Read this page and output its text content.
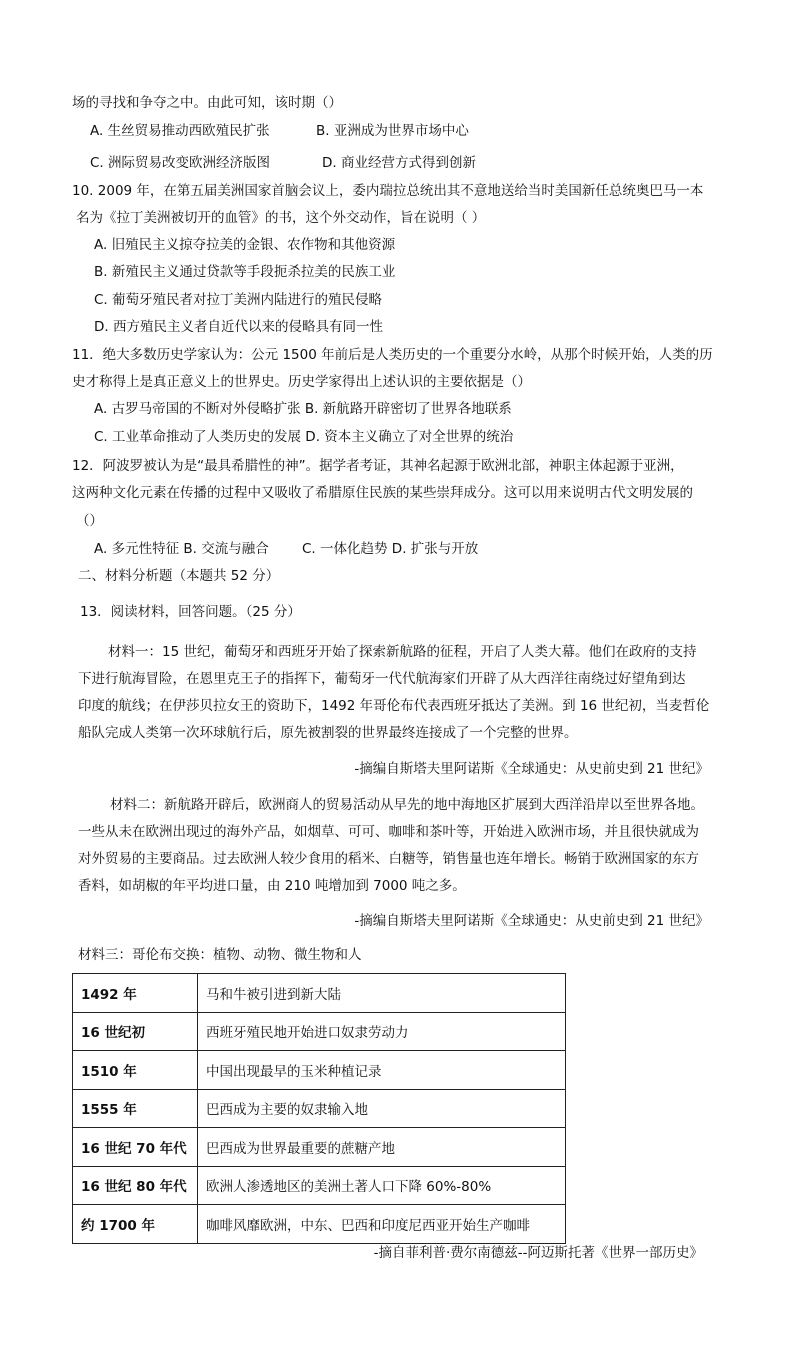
场的寻找和争夺之中。由此可知，该时期（）
A. 生丝贸易推动西欧殖民扩张	B. 亚洲成为世界市场中心
C. 洲际贸易改变欧洲经济版图	D. 商业经营方式得到创新
10. 2009 年，在第五届美洲国家首脑会议上，委内瑞拉总统出其不意地送给当时美国新任总统奥巴马一本
名为《拉丁美洲被切开的血管》的书，这个外交动作，旨在说明（ ）
A. 旧殖民主义掠夺拉美的金银、农作物和其他资源
B. 新殖民主义通过贷款等手段扼杀拉美的民族工业
C. 葡萄牙殖民者对拉丁美洲内陆进行的殖民侵略
D. 西方殖民主义者自近代以来的侵略具有同一性
11．绝大多数历史学家认为：公元 1500 年前后是人类历史的一个重要分水岭，从那个时候开始，人类的历
史才称得上是真正意义上的世界史。历史学家得出上述认识的主要依据是（）
A. 古罗马帝国的不断对外侵略扩张 B. 新航路开辟密切了世界各地联系
C. 工业革命推动了人类历史的发展 D. 资本主义确立了对全世界的统治
12．阿波罗被认为是“最具希腊性的神”。据学者考证，其神名起源于欧洲北部，神职主体起源于亚洲，
这两种文化元素在传播的过程中又吸收了希腊原住民族的某些崇拜成分。这可以用来说明古代文明发展的
（）
A. 多元性特征 B. 交流与融合 C. 一体化趋势 D. 扩张与开放
二、材料分析题（本题共 52 分）
13．阅读材料，回答问题。（25 分）
材料一：15 世纪，葡萄牙和西班牙开始了探索新航路的征程，开启了人类大幕。他们在政府的支持
下进行航海冒险，在恩里克王子的指挥下，葡萄牙一代代航海家们开辟了从大西洋往南绕过好望角到达
印度的航线；在伊莎贝拉女王的资助下，1492 年哥伦布代表西班牙抵达了美洲。到 16 世纪初，当麦哲伦
船队完成人类第一次环球航行后，原先被割裂的世界最终连接成了一个完整的世界。
-摘编自斯塔夫里阿诺斯《全球通史：从史前史到 21 世纪》
材料二：新航路开辟后，欧洲商人的贸易活动从早先的地中海地区扩展到大西洋沿岸以至世界各地。
一些从未在欧洲出现过的海外产品，如烟草、可可、咖啡和茶叶等，开始进入欧洲市场，并且很快就成为
对外贸易的主要商品。过去欧洲人较少食用的稻米、白糖等，销售量也连年增长。畅销于欧洲国家的东方
香料，如胡椒的年平均进口量，由 210 吨增加到 7000 吨之多。
-摘编自斯塔夫里阿诺斯《全球通史：从史前史到 21 世纪》
材料三：哥伦布交换：植物、动物、微生物和人
1492 年	马和牛被引进到新大陆
16 世纪初	西班牙殖民地开始进口奴隶劳动力
1510 年	中国出现最早的玉米种植记录
1555 年	巴西成为主要的奴隶输入地
16 世纪 70 年代	巴西成为世界最重要的蔗糖产地
16 世纪 80 年代	欧洲人渗透地区的美洲土著人口下降 60%-80%
约 1700 年	咖啡风靡欧洲，中东、巴西和印度尼西亚开始生产咖啡
-摘自菲利普·费尔南德兹--阿迈斯托著《世界一部历史》
